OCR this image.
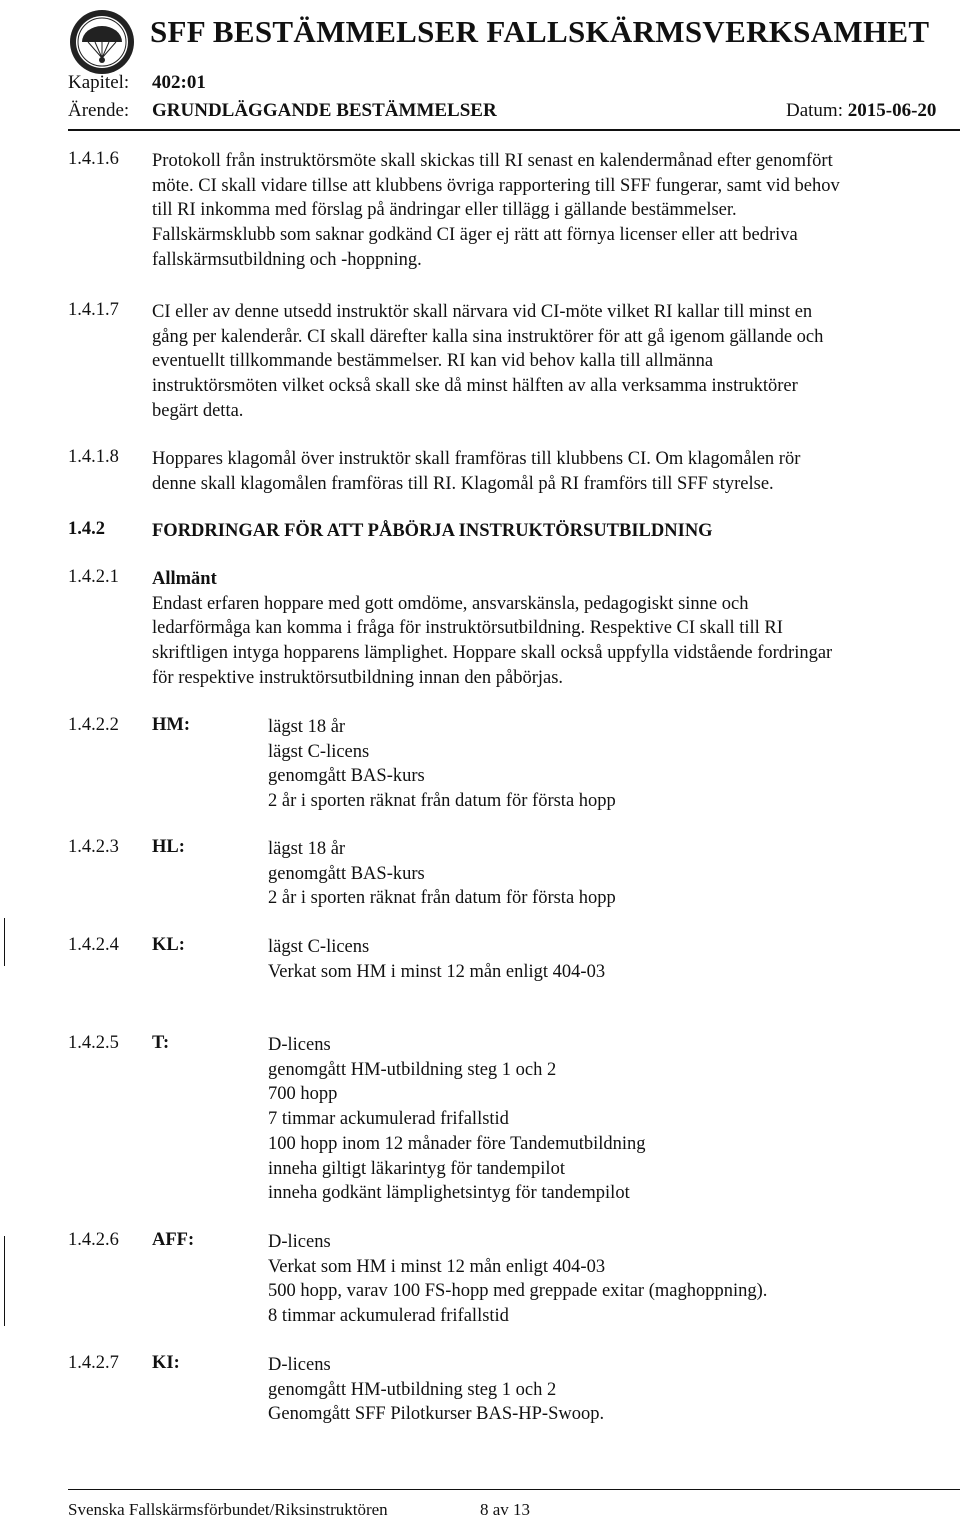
SFF BESTÄMMELSER FALLSKÄRMSVERKSAMHET
Kapitel: 402:01
Ärende: GRUNDLÄGGANDE BESTÄMMELSER	Datum: 2015-06-20
1.4.1.6 Protokoll från instruktörsmöte skall skickas till RI senast en kalendermånad efter genomfört
möte. CI skall vidare tillse att klubbens övriga rapportering till SFF fungerar, samt vid behov
till RI inkomma med förslag på ändringar eller tillägg i gällande bestämmelser.
Fallskärmsklubb som saknar godkänd CI äger ej rätt att förnya licenser eller att bedriva
fallskärmsutbildning och -hoppning.
1.4.1.7 CI eller av denne utsedd instruktör skall närvara vid CI-möte vilket RI kallar till minst en
gång per kalenderår. CI skall därefter kalla sina instruktörer för att gå igenom gällande och
eventuellt tillkommande bestämmelser. RI kan vid behov kalla till allmänna
instruktörsmöten vilket också skall ske då minst hälften av alla verksamma instruktörer
begärt detta.
1.4.1.8 Hoppares klagomål över instruktör skall framföras till klubbens CI. Om klagomålen rör
denne skall klagomålen framföras till RI. Klagomål på RI framförs till SFF styrelse.
1.4.2	FORDRINGAR FÖR ATT PÅBÖRJA INSTRUKTÖRSUTBILDNING
1.4.2.1 Allmänt
Endast erfaren hoppare med gott omdöme, ansvarskänsla, pedagogiskt sinne och
ledarförmåga kan komma i fråga för instruktörsutbildning. Respektive CI skall till RI
skriftligen intyga hopparens lämplighet. Hoppare skall också uppfylla vidstående fordringar
för respektive instruktörsutbildning innan den påbörjas.
1.4.2.2 HM:	lägst 18 år
lägst C-licens
genomgått BAS-kurs
2 år i sporten räknat från datum för första hopp
1.4.2.3 HL:	lägst 18 år
genomgått BAS-kurs
2 år i sporten räknat från datum för första hopp
1.4.2.4 KL:	lägst C-licens
Verkat som HM i minst 12 mån enligt 404-03
1.4.2.5 T:	D-licens
genomgått HM-utbildning steg 1 och 2
700 hopp
7 timmar ackumulerad frifallstid
100 hopp inom 12 månader före Tandemutbildning
inneha giltigt läkarintyg för tandempilot
inneha godkänt lämplighetsintyg för tandempilot
1.4.2.6 AFF:	D-licens
Verkat som HM i minst 12 mån enligt 404-03
500 hopp, varav 100 FS-hopp med greppade exitar (maghoppning).
8 timmar ackumulerad frifallstid
1.4.2.7 KI:	D-licens
genomgått HM-utbildning steg 1 och 2
Genomgått SFF Pilotkurser BAS-HP-Swoop.
Svenska Fallskärmsförbundet/Riksinstruktören	8 av 13
